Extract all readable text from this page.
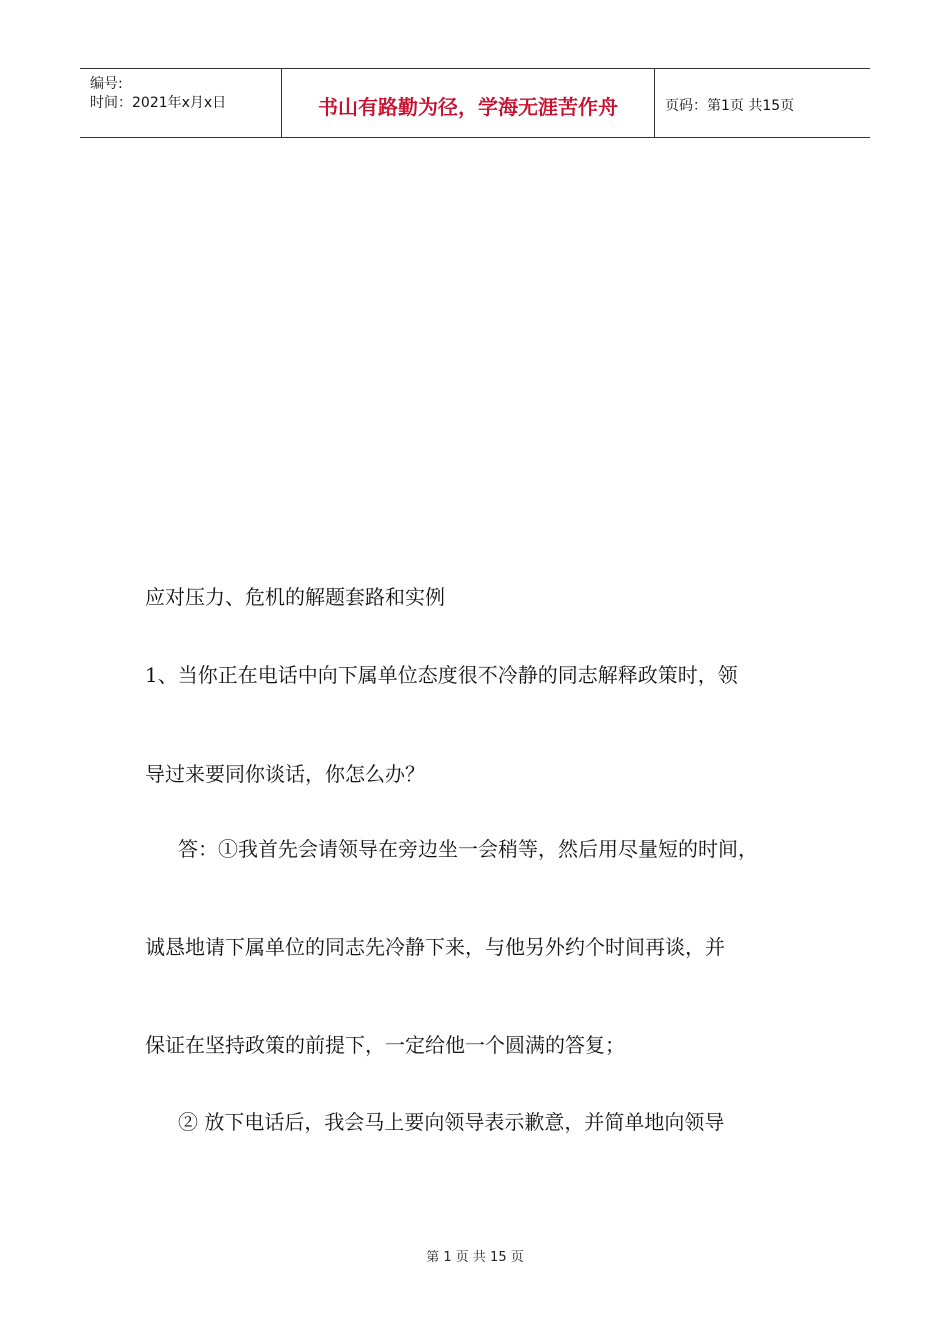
编号:
时间：2021年x月x日	书山有路勤为径，学海无涯苦作舟	页码：第1页 共15页
应对压力、危机的解题套路和实例
1、当你正在电话中向下属单位态度很不冷静的同志解释政策时，领
导过来要同你谈话，你怎么办？
答：①我首先会请领导在旁边坐一会稍等，然后用尽量短的时间，
诚恳地请下属单位的同志先冷静下来，与他另外约个时间再谈，并
保证在坚持政策的前提下，一定给他一个圆满的答复；
② 放下电话后，我会马上要向领导表示歉意，并简单地向领导
第 1 页 共 15 页
